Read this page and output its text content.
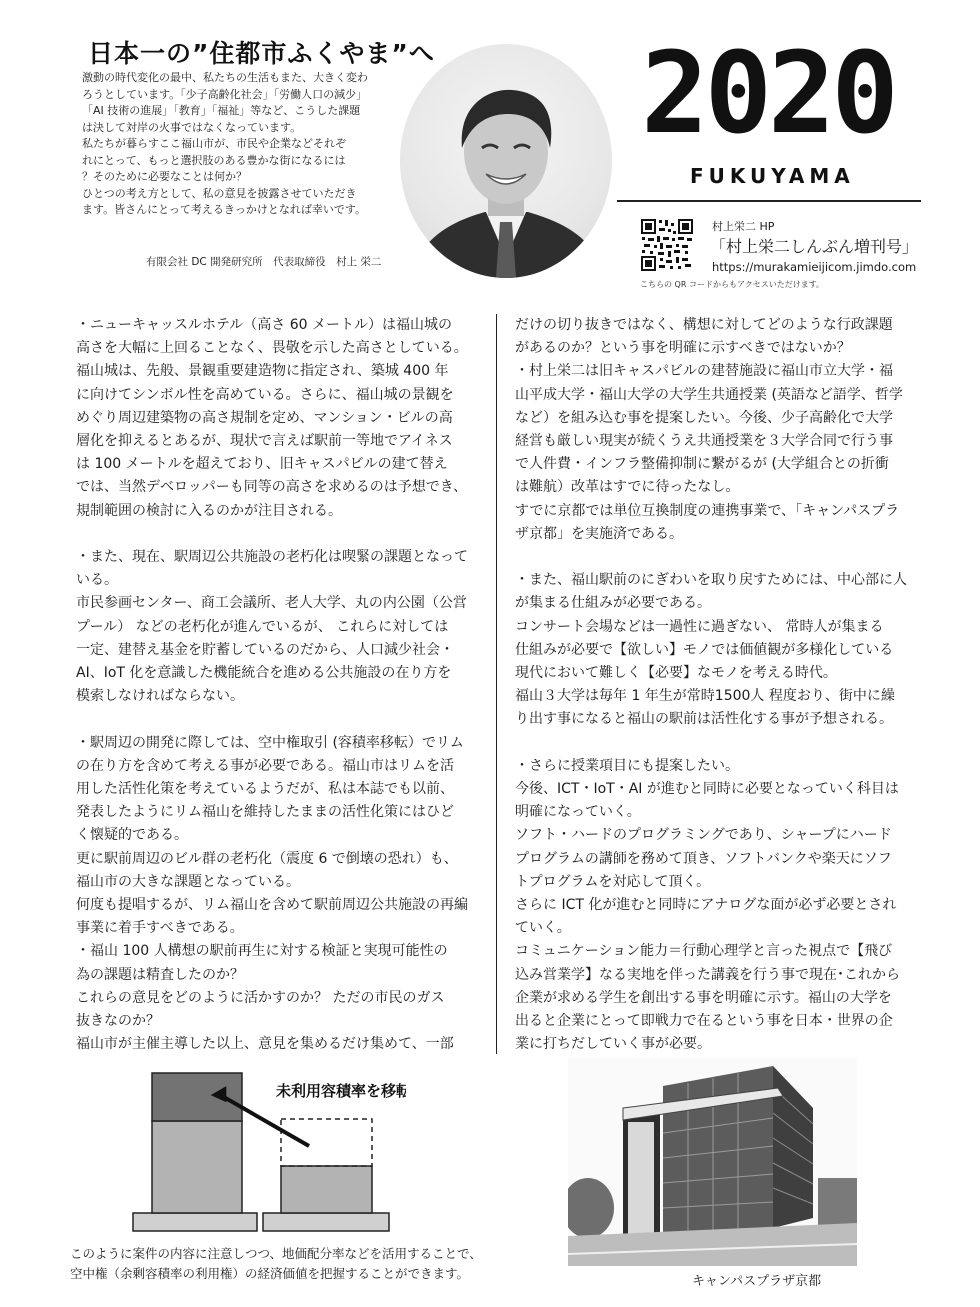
日本一の”住都市ふくやま”へ

激動の時代変化の最中、私たちの生活もまた、大きく変わ

ろうとしています。「少子高齢化社会」「労働人口の減少」

「AI 技術の進展」「教育」「福祉」等など、こうした課題

は決して対岸の火事ではなくなっています。

私たちが暮らすここ福山市が、市民や企業などそれぞ

れにとって、もっと選択肢のある豊かな街になるには

？そのために必要なことは何か？

ひとつの考え方として、私の意見を披露させていただき

ます。皆さんにとって考えるきっかけとなれば幸いです。

有限会社 DC 開発研究所　代表取締役　村上 栄二
2020
FUKUYAMA
村上栄二 HP
「村上栄二しんぶん増刊号」
https://murakamieijicom.jimdo.com
こちらの QR コードからもアクセスいただけます。

・ニューキャッスルホテル（高さ 60 メートル）は福山城の

高さを大幅に上回ることなく、畏敬を示した高さとしている。

福山城は、先般、景観重要建造物に指定され、築城 400 年

に向けてシンボル性を高めている。さらに、福山城の景観を

めぐり周辺建築物の高さ規制を定め、マンション・ビルの高

層化を抑えるとあるが、現状で言えば駅前一等地でアイネス

は 100 メートルを超えており、旧キャスパビルの建て替え

では、当然デベロッパーも同等の高さを求めるのは予想でき、

規制範囲の検討に入るのかが注目される。

・また、現在、駅周辺公共施設の老朽化は喫緊の課題となって

いる。

市民参画センター、商工会議所、老人大学、丸の内公園（公営

プール） などの老朽化が進んでいるが、 これらに対しては

一定、建替え基金を貯蓄しているのだから、人口減少社会・

AI、IoT 化を意識した機能統合を進める公共施設の在り方を

模索しなければならない。

・駅周辺の開発に際しては、空中権取引 (容積率移転）でリム

の在り方を含めて考える事が必要である。福山市はリムを活

用した活性化策を考えているようだが、私は本誌でも以前、

発表したようにリム福山を維持したままの活性化策にはひど

く懐疑的である。

更に駅前周辺のビル群の老朽化（震度 6 で倒壊の恐れ）も、

福山市の大きな課題となっている。

何度も提唱するが、リム福山を含めて駅前周辺公共施設の再編

事業に着手すべきである。

・福山 100 人構想の駅前再生に対する検証と実現可能性の

為の課題は精査したのか？

これらの意見をどのように活かすのか？ ただの市民のガス

抜きなのか？

福山市が主催主導した以上、意見を集めるだけ集めて、一部

だけの切り抜きではなく、構想に対してどのような行政課題

があるのか？という事を明確に示すべきではないか？

・村上栄二は旧キャスパビルの建替施設に福山市立大学・福

山平成大学・福山大学の大学生共通授業 (英語など語学、哲学

など）を組み込む事を提案したい。今後、少子高齢化で大学

経営も厳しい現実が続くうえ共通授業を３大学合同で行う事

で人件費・インフラ整備抑制に繋がるが (大学組合との折衝

は難航）改革はすでに待ったなし。

すでに京都では単位互換制度の連携事業で、｢キャンパスプラ

ザ京都」を実施済である。

・また、福山駅前のにぎわいを取り戻すためには、中心部に人

が集まる仕組みが必要である。

コンサート会場などは一過性に過ぎない、 常時人が集まる

仕組みが必要で【欲しい】モノでは価値観が多様化している

現代において難しく【必要】なモノを考える時代。

福山３大学は毎年 1 年生が常時1500人 程度おり、街中に繰

り出す事になると福山の駅前は活性化する事が予想される。

・さらに授業項目にも提案したい。

今後、ICT・IoT・AI が進むと同時に必要となっていく科目は

明確になっていく。

ソフト・ハードのプログラミングであり、シャープにハード

プログラムの講師を務めて頂き、ソフトバンクや楽天にソフ

トプログラムを対応して頂く。

さらに ICT 化が進むと同時にアナログな面が必ず必要とされ

ていく。

コミュニケーション能力＝行動心理学と言った視点で【飛び

込み営業学】なる実地を伴った講義を行う事で現在･これから

企業が求める学生を創出する事を明確に示す。福山の大学を

出ると企業にとって即戦力で在るという事を日本・世界の企

業に打ちだしていく事が必要。

未利用容積率を移転

このように案件の内容に注意しつつ、地価配分率などを活用することで、

空中権（余剰容積率の利用権）の経済価値を把握することができます。

キャンパスプラザ京都
